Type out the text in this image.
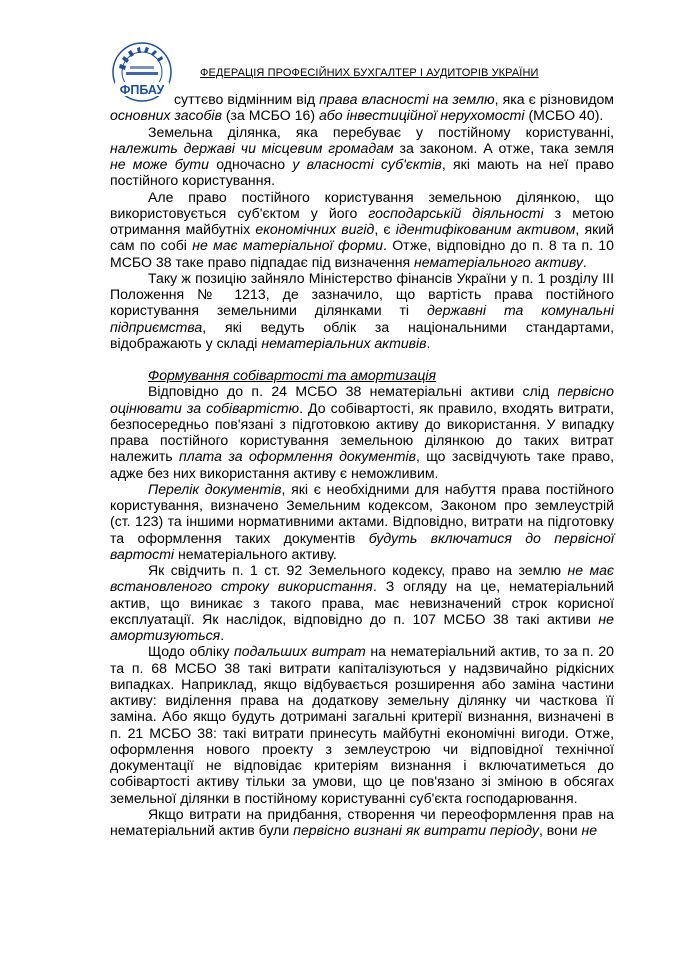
ФПБАУ
ФЕДЕРАЦІЯ ПРОФЕСІЙНИХ БУХГАЛТЕР І АУДИТОРІВ УКРАЇНИ

суттєво відмінним від права власності на землю, яка є різновидом основних засобів (за МСБО 16) або інвестиційної нерухомості (МСБО 40).

Земельна ділянка, яка перебуває у постійному користуванні, належить державі чи місцевим громадам за законом. А отже, така земля не може бути одночасно у власності суб'єктів, які мають на неї право постійного користування.

Але право постійного користування земельною ділянкою, що використовується суб'єктом у його господарській діяльності з метою отримання майбутніх економічних вигід, є ідентифікованим активом, який сам по собі не має матеріальної форми. Отже, відповідно до п. 8 та п. 10 МСБО 38 таке право підпадає під визначення нематеріального активу.

Таку ж позицію зайняло Міністерство фінансів України у п. 1 розділу III Положення № 1213, де зазначило, що вартість права постійного користування земельними ділянками ті державні та комунальні підприємства, які ведуть облік за національними стандартами, відображають у складі нематеріальних активів.

Формування собівартості та амортизація

Відповідно до п. 24 МСБО 38 нематеріальні активи слід первісно оцінювати за собівартістю. До собівартості, як правило, входять витрати, безпосередньо пов'язані з підготовкою активу до використання. У випадку права постійного користування земельною ділянкою до таких витрат належить плата за оформлення документів, що засвідчують таке право, адже без них використання активу є неможливим.

Перелік документів, які є необхідними для набуття права постійного користування, визначено Земельним кодексом, Законом про землеустрій (ст. 123) та іншими нормативними актами. Відповідно, витрати на підготовку та оформлення таких документів будуть включатися до первісної вартості нематеріального активу.

Як свідчить п. 1 ст. 92 Земельного кодексу, право на землю не має встановленого строку використання. З огляду на це, нематеріальний актив, що виникає з такого права, має невизначений строк корисної експлуатації. Як наслідок, відповідно до п. 107 МСБО 38 такі активи не амортизуються.

Щодо обліку подальших витрат на нематеріальний актив, то за п. 20 та п. 68 МСБО 38 такі витрати капіталізуються у надзвичайно рідкісних випадках. Наприклад, якщо відбувається розширення або заміна частини активу: виділення права на додаткову земельну ділянку чи часткова її заміна. Або якщо будуть дотримані загальні критерії визнання, визначені в п. 21 МСБО 38: такі витрати принесуть майбутні економічні вигоди. Отже, оформлення нового проекту з землеустрою чи відповідної технічної документації не відповідає критеріям визнання і включатиметься до собівартості активу тільки за умови, що це пов'язано зі зміною в обсягах земельної ділянки в постійному користуванні суб'єкта господарювання.

Якщо витрати на придбання, створення чи переоформлення прав на нематеріальний актив були первісно визнані як витрати періоду, вони не
